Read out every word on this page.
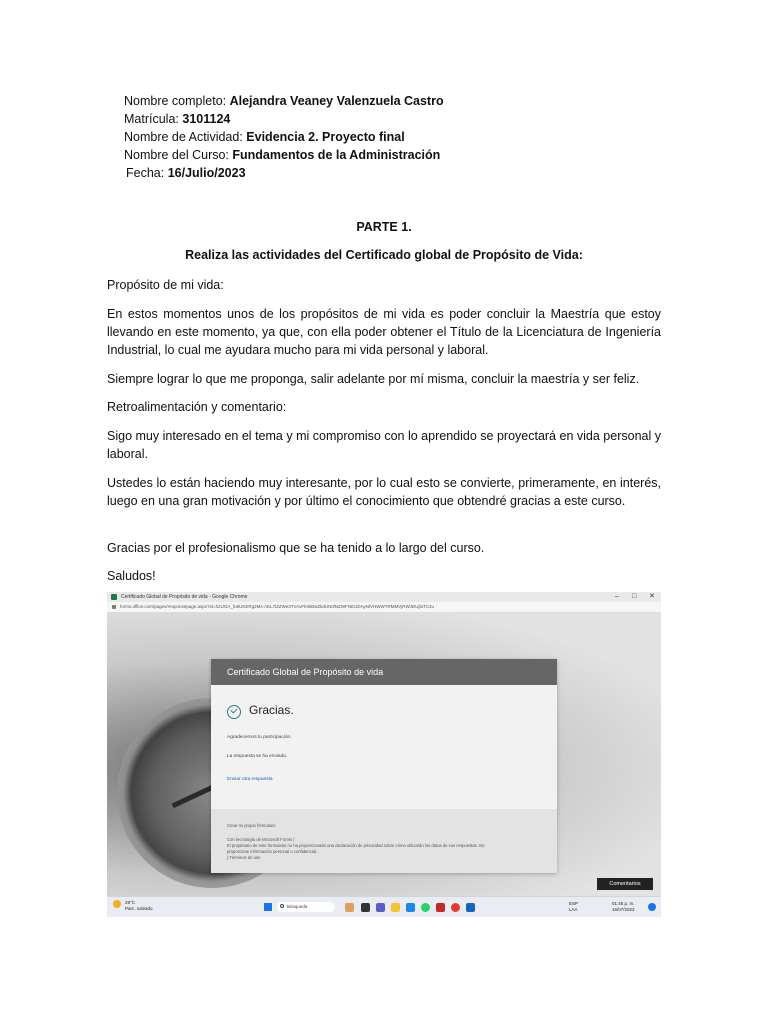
Nombre completo: Alejandra Veaney Valenzuela Castro
Matrícula: 3101124
Nombre de Actividad: Evidencia 2. Proyecto final
Nombre del Curso: Fundamentos de la Administración
Fecha: 16/Julio/2023
PARTE 1.
Realiza las actividades del Certificado global de Propósito de Vida:
Propósito de mi vida:
En estos momentos unos de los propósitos de mi vida es poder concluir la Maestría que estoy llevando en este momento, ya que, con ella poder obtener el Título de la Licenciatura de Ingeniería Industrial, lo cual me ayudara mucho para mi vida personal y laboral.
Siempre lograr lo que me proponga, salir adelante por mí misma, concluir la maestría y ser feliz.
Retroalimentación y comentario:
Sigo muy interesado en el tema y mi compromiso con lo aprendido se proyectará en vida personal y laboral.
Ustedes lo están haciendo muy interesante, por lo cual esto se convierte, primeramente, en interés, luego en una gran motivación y por último el conocimiento que obtendré gracias a este curso.
Gracias por el profesionalismo que se ha tenido a lo largo del curso.
Saludos!
Certificado Global de Propósito de vida - Google Chrome	– □ ✕
forms.office.com/pages/responsepage.aspx?id=h2UOA_fu9UKERg2Ms-AEL7iZZWe3TVAvFkI9iBwZkdUN0lNZWFNEUDAyNlVHWWTRMMVjRWJDUjlaTC4u
Certificado Global de Propósito de vida
Gracias.
Agradecemos tu participación.
La respuesta se ha enviado.
Enviar otra respuesta
Crear mi propio formulario
Con tecnología de Microsoft Forms |
El propietario de este formulario no ha proporcionado una declaración de privacidad sobre cómo utilizarán los datos de sus respuestas. No
proporcione información personal o confidencial.
| Términos de uso
Comentarios
29°C
Parc. soleado	Búsqueda
ESP
LAA
01:45 p. m.
16/07/2023
